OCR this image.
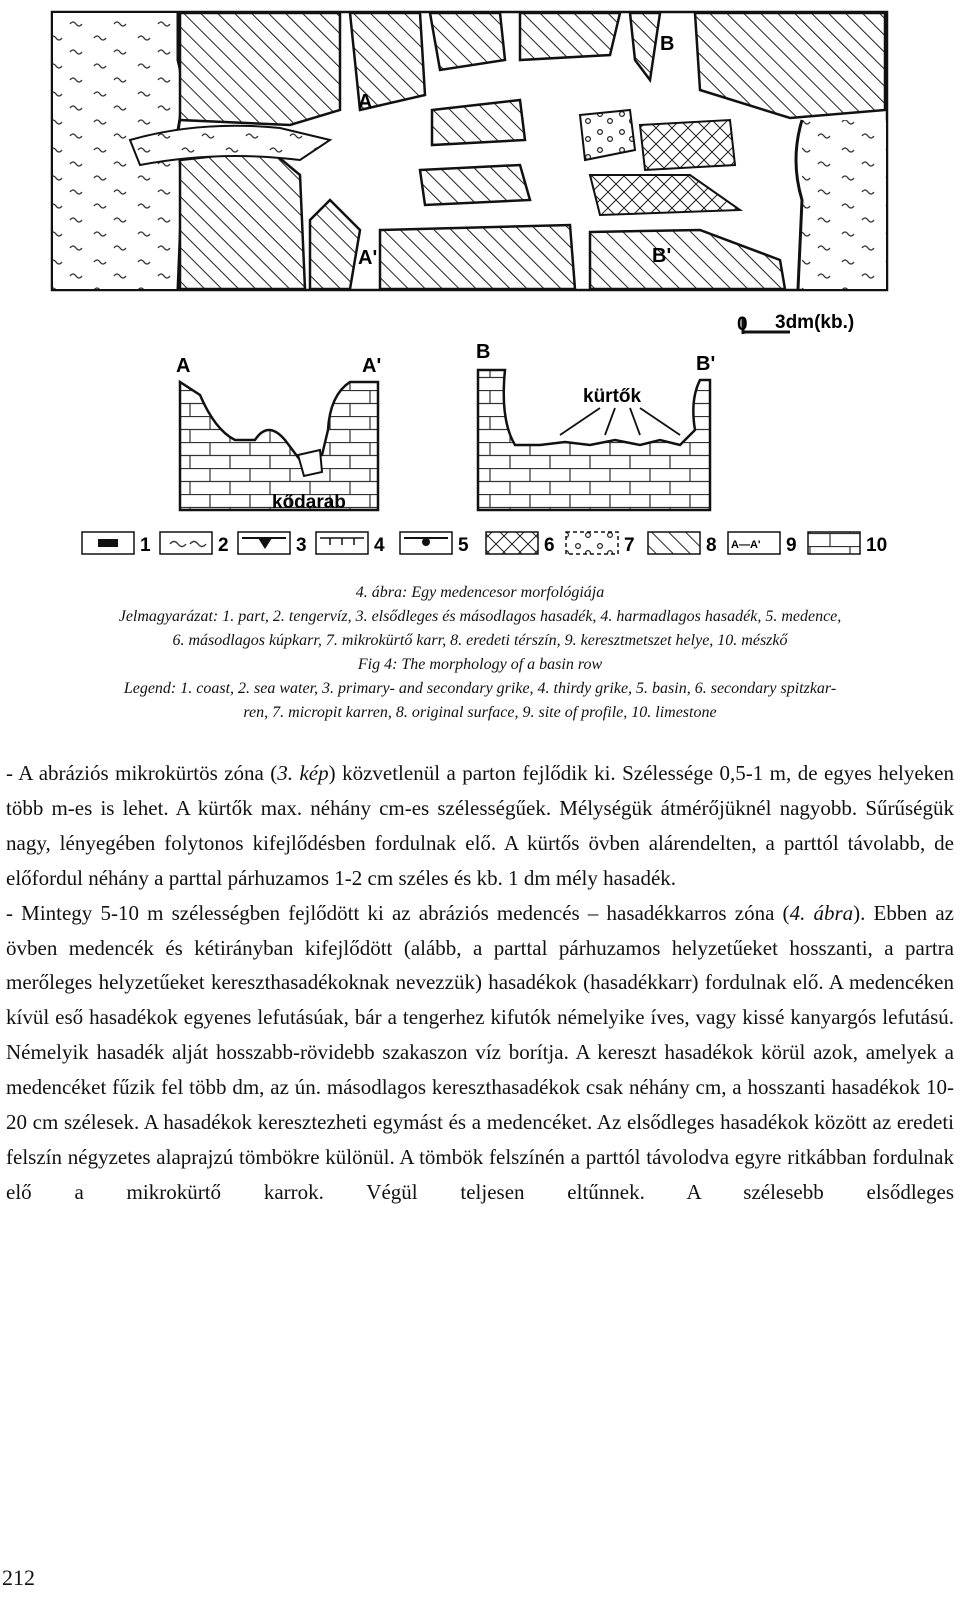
A
A'
B
B'
0 3dm(kb.)
A	A'
kődarab
B
B'
kürtők
1	2	3	4	5	6	7	8 A—A' 9	10
4. ábra: Egy medencesor morfológiája
Jelmagyarázat: 1. part, 2. tengervíz, 3. elsődleges és másodlagos hasadék, 4. harmadlagos hasadék, 5. medence,
6. másodlagos kúpkarr, 7. mikrokürtő karr, 8. eredeti térszín, 9. keresztmetszet helye, 10. mészkő
Fig 4: The morphology of a basin row
Legend: 1. coast, 2. sea water, 3. primary- and secondary grike, 4. thirdy grike, 5. basin, 6. secondary spitzkar-
ren, 7. micropit karren, 8. original surface, 9. site of profile, 10. limestone

- A abráziós mikrokürtös zóna (3. kép) közvetlenül a parton fejlődik ki. Szélessége 0,5-1 m, de egyes helyeken több m-es is lehet. A kürtők max. néhány cm-es szélességűek. Mélységük átmérőjüknél nagyobb. Sűrűségük nagy, lényegében folytonos kifejlődésben fordulnak elő. A kürtős övben alárendelten, a parttól távolabb, de előfordul néhány a parttal párhuzamos 1-2 cm széles és kb. 1 dm mély hasadék.

- Mintegy 5-10 m szélességben fejlődött ki az abráziós medencés – hasadékkarros zóna (4. ábra). Ebben az övben medencék és kétirányban kifejlődött (alább, a parttal párhuzamos helyzetűeket hosszanti, a partra merőleges helyzetűeket kereszthasadékoknak nevezzük) hasadékok (hasadékkarr) fordulnak elő. A medencéken kívül eső hasadékok egyenes lefutásúak, bár a tengerhez kifutók némelyike íves, vagy kissé kanyargós lefutású. Némelyik hasadék alját hosszabb-rövidebb szakaszon víz borítja. A kereszt hasadékok körül azok, amelyek a medencéket fűzik fel több dm, az ún. másodlagos kereszthasadékok csak néhány cm, a hosszanti hasadékok 10-20 cm szélesek. A hasadékok keresztezheti egymást és a medencéket. Az elsődleges hasadékok között az eredeti felszín négyzetes alaprajzú tömbökre különül. A tömbök felszínén a parttól távolodva egyre ritkábban fordulnak elő a mikrokürtő karrok. Végül teljesen eltűnnek. A szélesebb elsődleges

212
